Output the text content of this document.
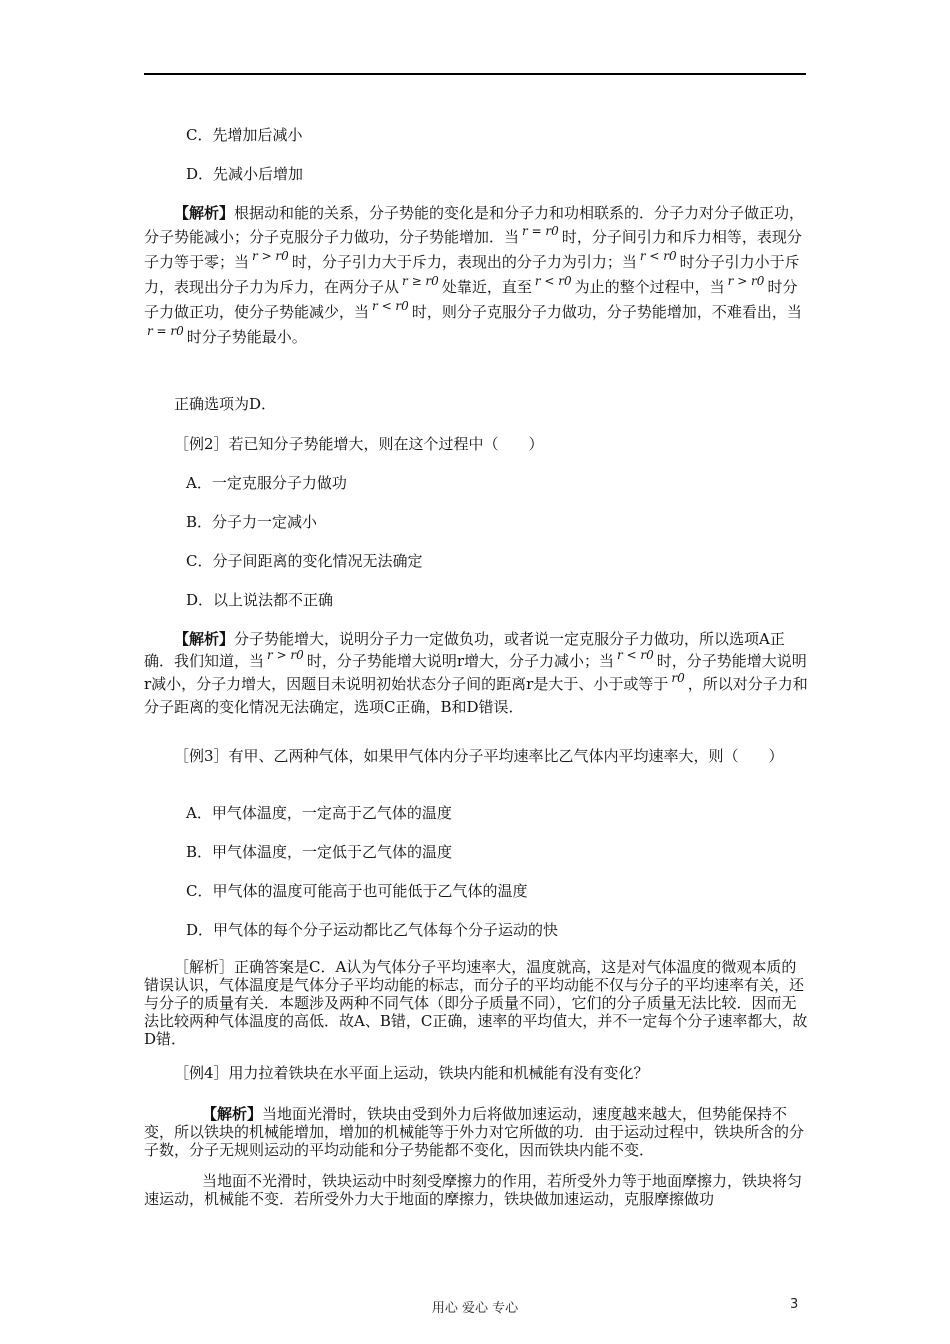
C．先增加后减小

D．先减小后增加

【解析】根据动和能的关系，分子势能的变化是和分子力和功相联系的．分子力对分子做正功，分子势能减小；分子克服分子力做功，分子势能增加．当 $^{r = r0}$ 时，分子间引力和斥力相等，表现分子力等于零；当 $^{r > r0}$ 时，分子引力大于斥力，表现出的分子力为引力；当 $^{r < r0}$ 时分子引力小于斥力，表现出分子力为斥力，在两分子从 $^{r \ge r0}$ 处靠近，直至 $^{r < r0}$ 为止的整个过程中，当 $^{r > r0}$ 时分子力做正功，使分子势能减少，当 $^{r < r0}$ 时，则分子克服分子力做功，分子势能增加，不难看出，当$^{r = r0}$ 时分子势能最小。

正确选项为D．

［例2］若已知分子势能增大，则在这个过程中（　　）

A．一定克服分子力做功

B．分子力一定减小

C．分子间距离的变化情况无法确定

D．以上说法都不正确

【解析】分子势能增大，说明分子力一定做负功，或者说一定克服分子力做功，所以选项A正确．我们知道，当 $^{r > r0}$ 时，分子势能增大说明r增大，分子力减小；当 $^{r < r0}$ 时，分子势能增大说明r减小，分子力增大，因题目未说明初始状态分子间的距离r是大于、小于或等于 $^{r0}$ ，所以对分子力和分子距离的变化情况无法确定，选项C正确，B和D错误．

［例3］有甲、乙两种气体，如果甲气体内分子平均速率比乙气体内平均速率大，则（　　）

A．甲气体温度，一定高于乙气体的温度

B．甲气体温度，一定低于乙气体的温度

C．甲气体的温度可能高于也可能低于乙气体的温度

D．甲气体的每个分子运动都比乙气体每个分子运动的快

［解析］正确答案是C．A认为气体分子平均速率大，温度就高，这是对气体温度的微观本质的错误认识，气体温度是气体分子平均动能的标志，而分子的平均动能不仅与分子的平均速率有关，还与分子的质量有关．本题涉及两种不同气体（即分子质量不同），它们的分子质量无法比较．因而无法比较两种气体温度的高低．故A、B错，C正确，速率的平均值大，并不一定每个分子速率都大，故D错．

［例4］用力拉着铁块在水平面上运动，铁块内能和机械能有没有变化？

【解析】当地面光滑时，铁块由受到外力后将做加速运动，速度越来越大，但势能保持不变，所以铁块的机械能增加，增加的机械能等于外力对它所做的功．由于运动过程中，铁块所含的分子数，分子无规则运动的平均动能和分子势能都不变化，因而铁块内能不变．

当地面不光滑时，铁块运动中时刻受摩擦力的作用，若所受外力等于地面摩擦力，铁块将匀速运动，机械能不变．若所受外力大于地面的摩擦力，铁块做加速运动，克服摩擦做功

用心 爱心 专心	3
